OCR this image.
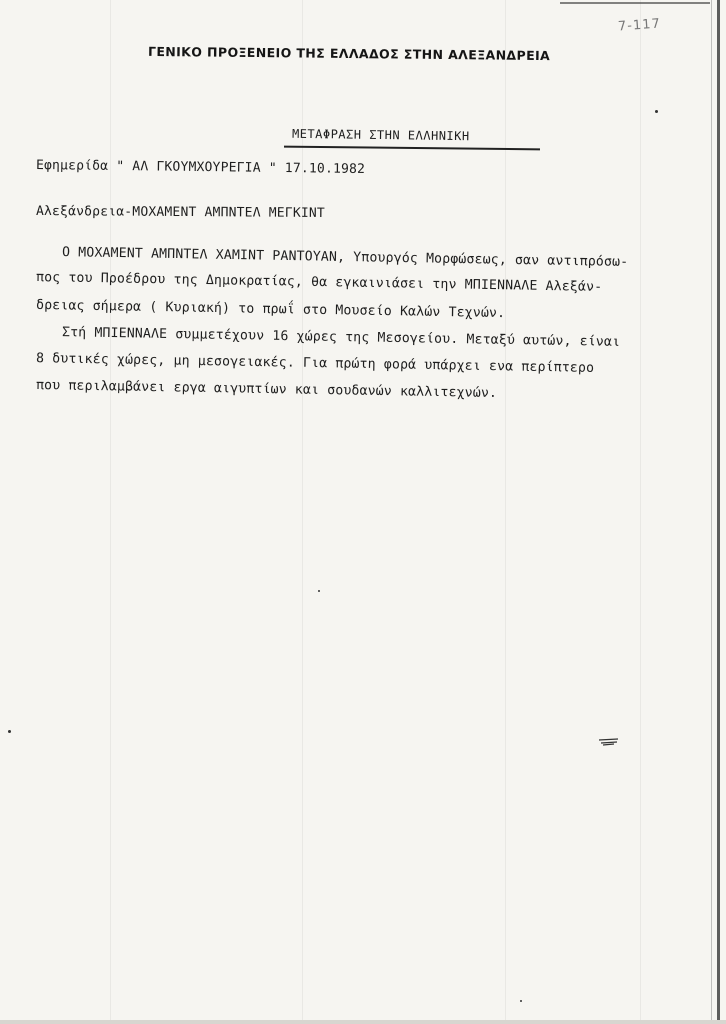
7-117
ΓΕΝΙΚΟ ΠΡΟΞΕΝΕΙΟ ΤΗΣ ΕΛΛΑΔΟΣ ΣΤΗΝ ΑΛΕΞΑΝΔΡΕΙΑ
ΜΕΤΑΦΡΑΣΗ ΣΤΗΝ ΕΛΛΗΝΙΚΗ
Εφημερίδα " ΑΛ ΓΚΟΥΜΧΟΥΡΕΓΙΑ " 17.10.1982
Αλεξάνδρεια-ΜΟΧΑΜΕΝΤ ΑΜΠΝΤΕΛ ΜΕΓΚΙΝΤ
Ο ΜΟΧΑΜΕΝΤ ΑΜΠΝΤΕΛ ΧΑΜΙΝΤ ΡΑΝΤΟΥΑΝ, Υπουργός Μορφώσεως, σαν αντιπρόσω-
πος του Προέδρου της Δημοκρατίας, θα εγκαινιάσει την ΜΠΙΕΝΝΑΛΕ Αλεξάν-
δρειας σήμερα ( Κυριακή) το πρωΐ στο Μουσείο Καλών Τεχνών.
Στή ΜΠΙΕΝΝΑΛΕ συμμετέχουν 16 χώρες της Μεσογείου. Μεταξύ αυτών, είναι
8 δυτικές χώρες, μη μεσογειακές. Για πρώτη φορά υπάρχει ενα περίπτερο
που περιλαμβάνει εργα αιγυπτίων και σουδανών καλλιτεχνών.
